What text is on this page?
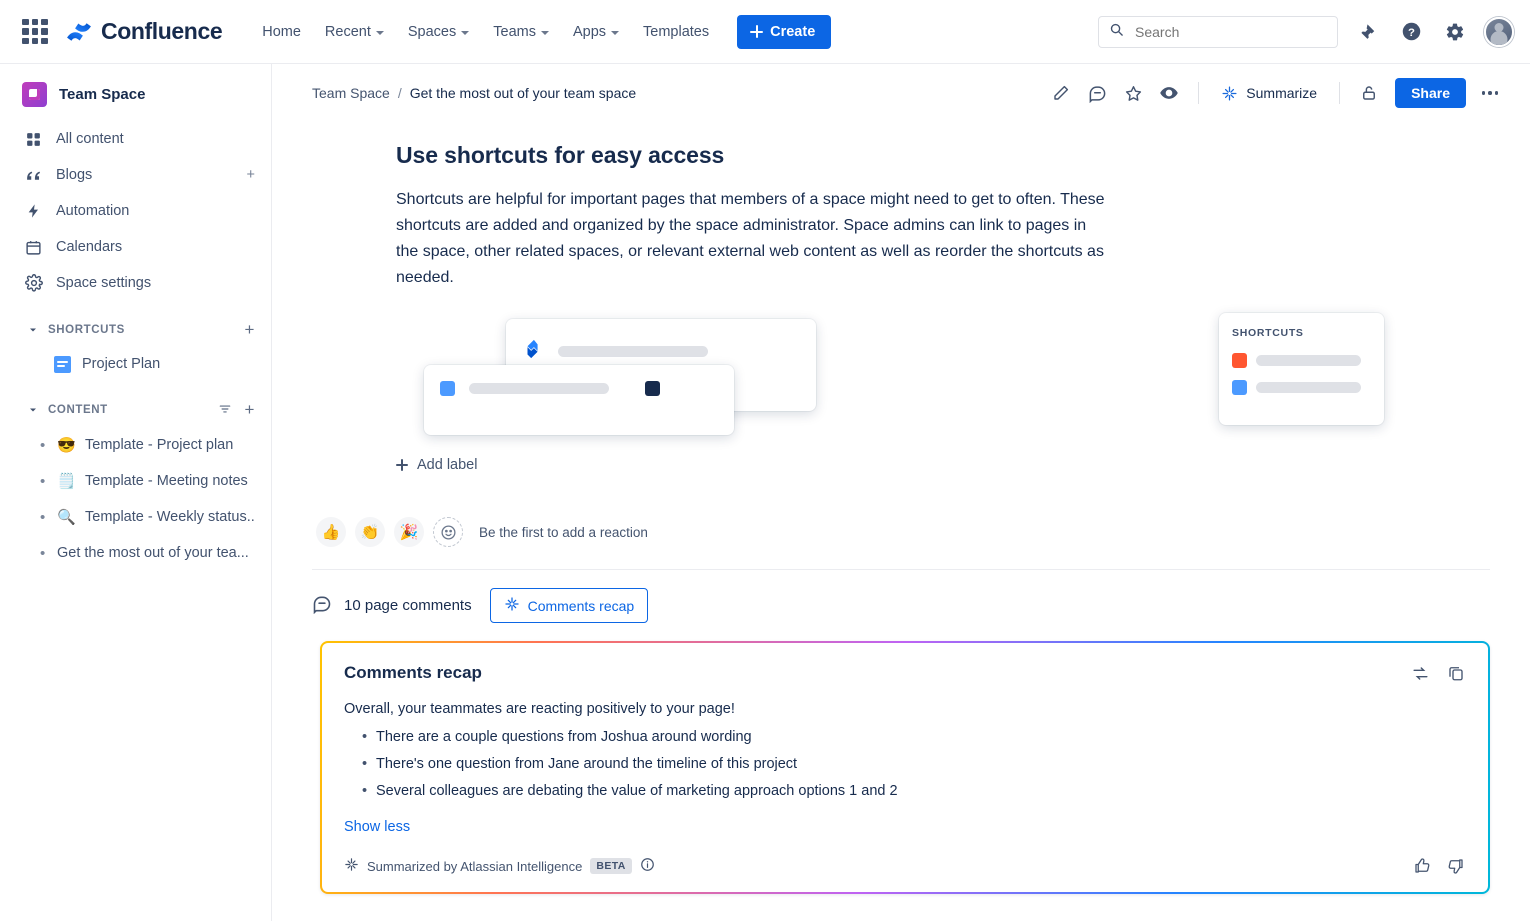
Confluence	Home Recent	Spaces	Teams	Apps	Templates	Create
Search	?
Team Space
All content
Blogs	+
Automation
Calendars
Space settings
SHORTCUTS	+
Project Plan
CONTENT	+
• 😎 Template - Project plan
• 🗒️ Template - Meeting notes
• 🔍 Template - Weekly status..
• Get the most out of your tea...
Team Space / Get the most out of your team space	Summarize	Share
Use shortcuts for easy access

Shortcuts are helpful for important pages that members of a space might need to get to often. These shortcuts are added and organized by the space administrator. Space admins can link to pages in the space, other related spaces, or relevant external web content as well as reorder the shortcuts as needed.

SHORTCUTS
Add label
👍	👏	🎉	Be the first to add a reaction
10 page comments	Comments recap
Comments recap
Overall, your teammates are reacting positively to your page!
• There are a couple questions from Joshua around wording
• There's one question from Jane around the timeline of this project
• Several colleagues are debating the value of marketing approach options 1 and 2
Show less
Summarized by Atlassian Intelligence	BETA
